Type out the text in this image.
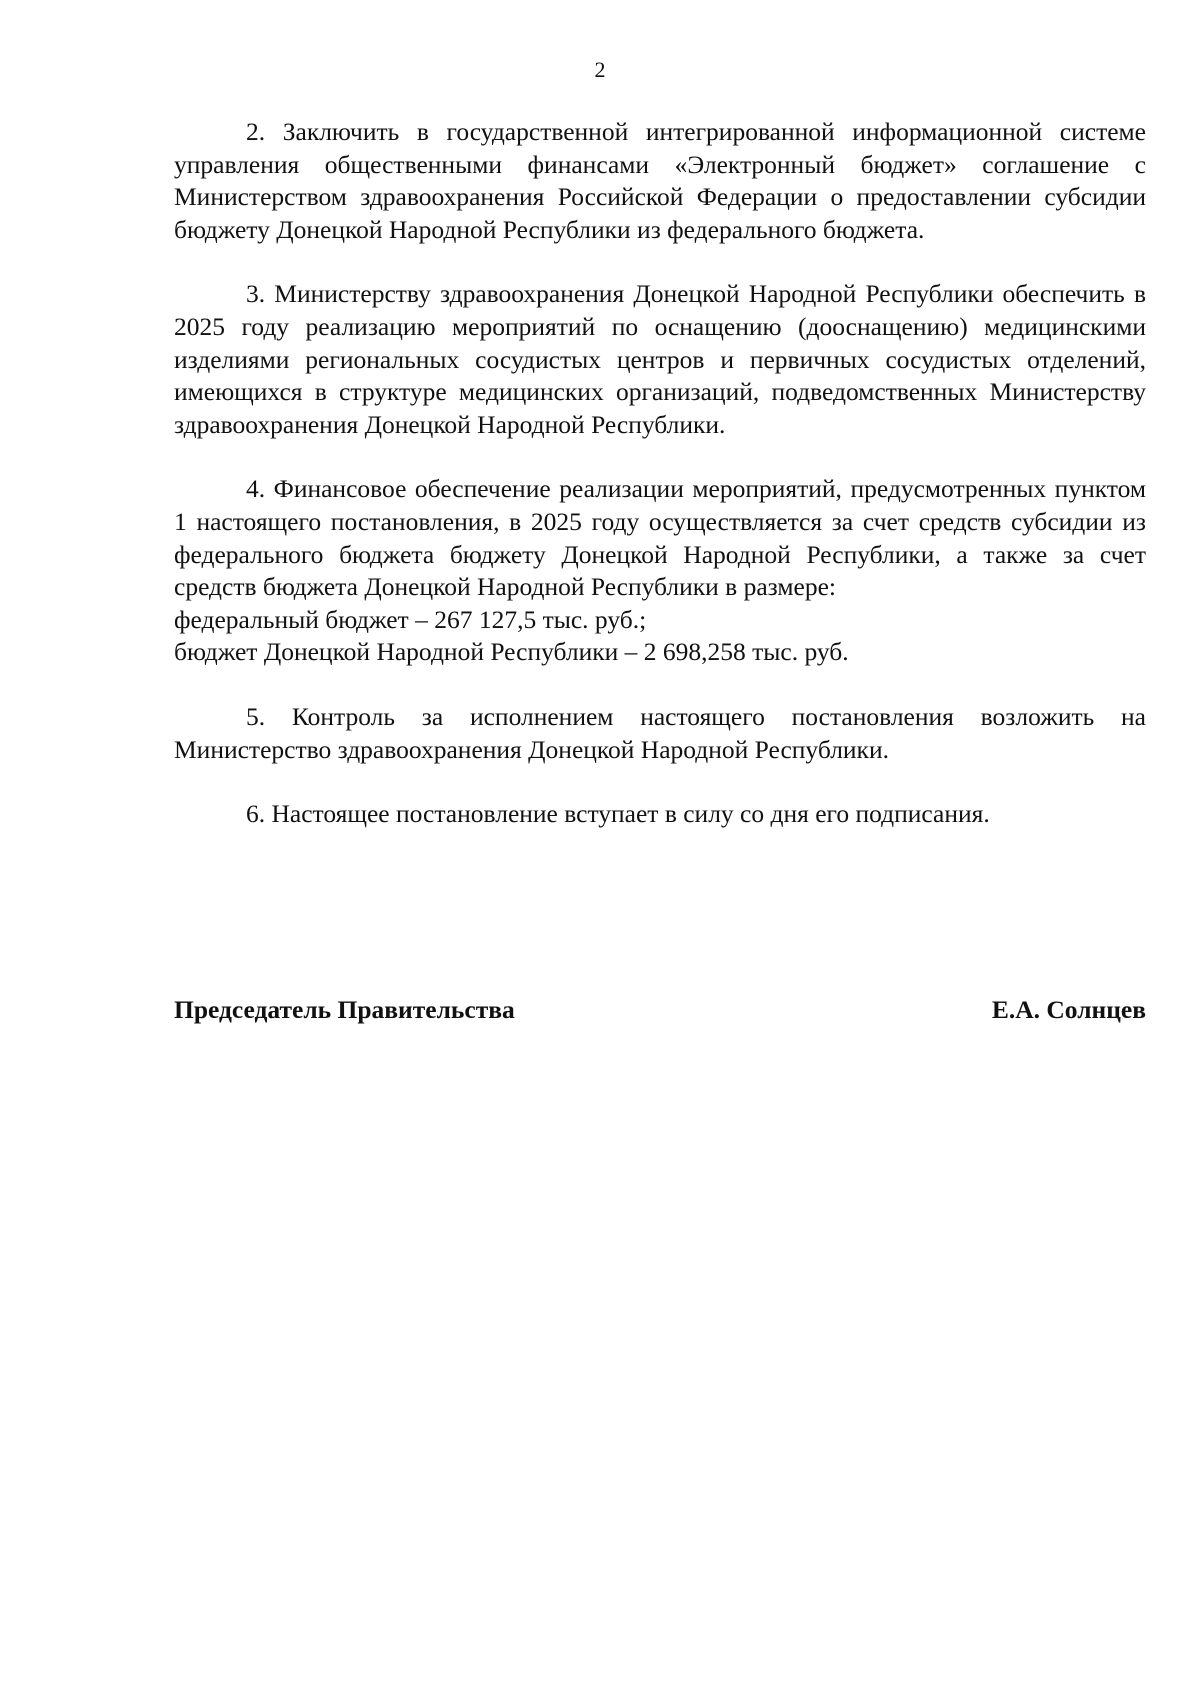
2

2. Заключить в государственной интегрированной информационной системе управления общественными финансами «Электронный бюджет» соглашение с Министерством здравоохранения Российской Федерации о предоставлении субсидии бюджету Донецкой Народной Республики из федерального бюджета.

3. Министерству здравоохранения Донецкой Народной Республики обеспечить в 2025 году реализацию мероприятий по оснащению (дооснащению) медицинскими изделиями региональных сосудистых центров и первичных сосудистых отделений, имеющихся в структуре медицинских организаций, подведомственных Министерству здравоохранения Донецкой Народной Республики.

4. Финансовое обеспечение реализации мероприятий, предусмотренных пунктом 1 настоящего постановления, в 2025 году осуществляется за счет средств субсидии из федерального бюджета бюджету Донецкой Народной Республики, а также за счет средств бюджета Донецкой Народной Республики в размере:

федеральный бюджет – 267 127,5 тыс. руб.;

бюджет Донецкой Народной Республики – 2 698,258 тыс. руб.

5. Контроль за исполнением настоящего постановления возложить на Министерство здравоохранения Донецкой Народной Республики.

6. Настоящее постановление вступает в силу со дня его подписания.

Председатель Правительства	Е.А. Солнцев
